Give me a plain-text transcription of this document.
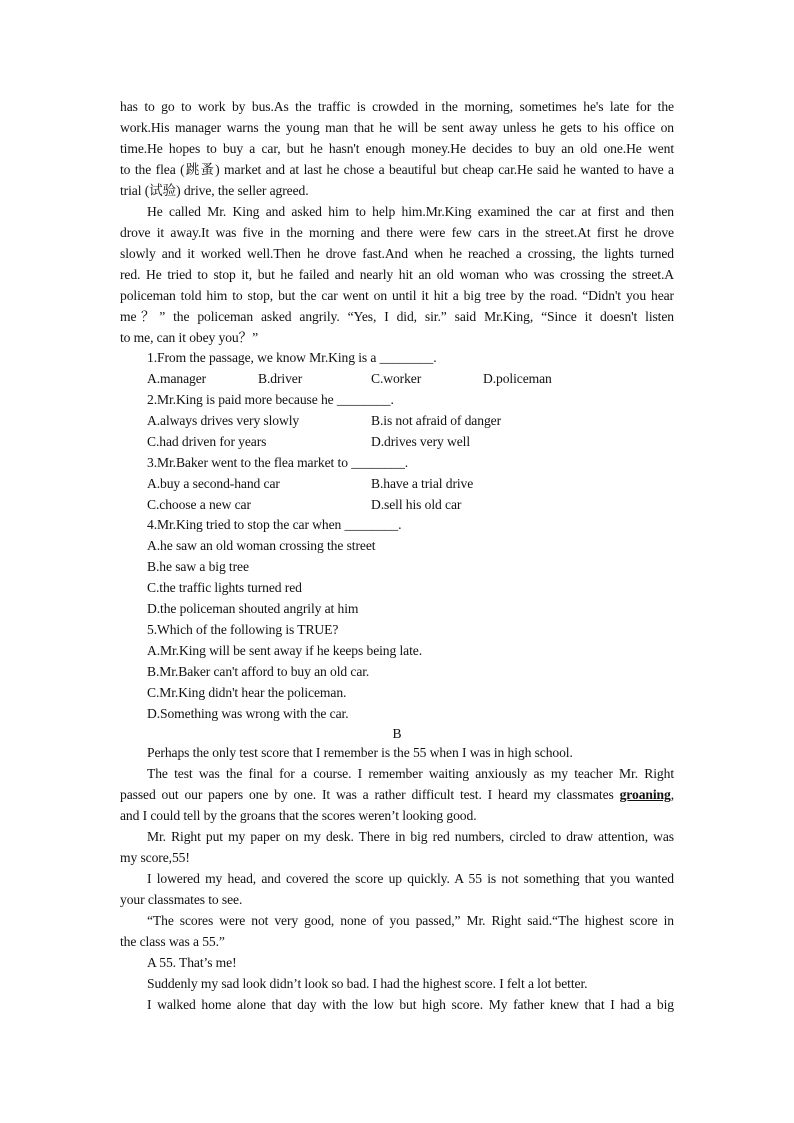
has to go to work by bus.As the traffic is crowded in the morning, sometimes he's late for the
work.His manager warns the young man that he will be sent away unless he gets to his office on
time.He hopes to buy a car, but he hasn't enough money.He decides to buy an old one.He went
to the flea (跳蚤) market and at last he chose a beautiful but cheap car.He said he wanted to have a
trial (试验) drive, the seller agreed.
He called Mr. King and asked him to help him.Mr.King examined the car at first and then
drove it away.It was five in the morning and there were few cars in the street.At first he drove
slowly and it worked well.Then he drove fast.And when he reached a crossing, the lights turned
red. He tried to stop it, but he failed and nearly hit an old woman who was crossing the street.A
policeman told him to stop, but the car went on until it hit a big tree by the road. “Didn't you hear
me？” the policeman asked angrily. “Yes, I did, sir.” said Mr.King, “Since it doesn't listen
to me, can it obey you？”
1.From the passage, we know Mr.King is a ________.
A.manager	B.driver	C.worker	D.policeman
2.Mr.King is paid more because he ________.
A.always drives very slowly	B.is not afraid of danger
C.had driven for years	D.drives very well
3.Mr.Baker went to the flea market to ________.
A.buy a second-hand car	B.have a trial drive
C.choose a new car	D.sell his old car
4.Mr.King tried to stop the car when ________.
A.he saw an old woman crossing the street
B.he saw a big tree
C.the traffic lights turned red
D.the policeman shouted angrily at him
5.Which of the following is TRUE?
A.Mr.King will be sent away if he keeps being late.
B.Mr.Baker can't afford to buy an old car.
C.Mr.King didn't hear the policeman.
D.Something was wrong with the car.
B
Perhaps the only test score that I remember is the 55 when I was in high school.
The test was the final for a course. I remember waiting anxiously as my teacher Mr. Right
passed out our papers one by one. It was a rather difficult test. I heard my classmates groaning,
and I could tell by the groans that the scores weren’t looking good.
Mr. Right put my paper on my desk. There in big red numbers, circled to draw attention, was
my score,55!
I lowered my head, and covered the score up quickly. A 55 is not something that you wanted
your classmates to see.
“The scores were not very good, none of you passed,” Mr. Right said.“The highest score in
the class was a 55.”
A 55. That’s me!
Suddenly my sad look didn’t look so bad. I had the highest score. I felt a lot better.
I walked home alone that day with the low but high score. My father knew that I had a big
